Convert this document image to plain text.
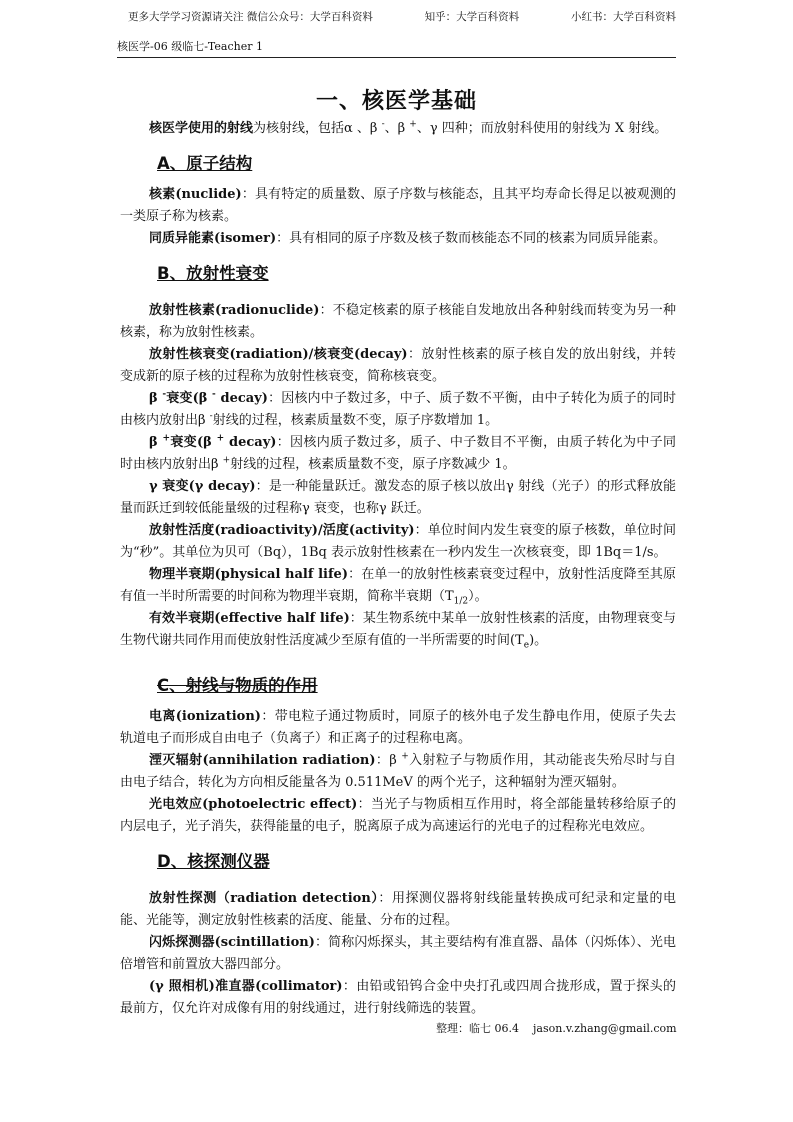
更多大学学习资源请关注 微信公众号：大学百科资料	知乎：大学百科资料	小红书：大学百科资料
核医学-06 级临七-Teacher 1
一、核医学基础

核医学使用的射线为核射线，包括α 、β -、β +、γ 四种；而放射科使用的射线为 X 射线。

A、原子结构

核素(nuclide)：具有特定的质量数、原子序数与核能态，且其平均寿命长得足以被观测的一类原子称为核素。

同质异能素(isomer)：具有相同的原子序数及核子数而核能态不同的核素为同质异能素。

B、放射性衰变

放射性核素(radionuclide)：不稳定核素的原子核能自发地放出各种射线而转变为另一种核素，称为放射性核素。

放射性核衰变(radiation)/核衰变(decay)：放射性核素的原子核自发的放出射线，并转变成新的原子核的过程称为放射性核衰变，简称核衰变。

β -衰变(β - decay)：因核内中子数过多，中子、质子数不平衡，由中子转化为质子的同时由核内放射出β -射线的过程，核素质量数不变，原子序数增加 1。

β +衰变(β + decay)：因核内质子数过多，质子、中子数目不平衡，由质子转化为中子同时由核内放射出β +射线的过程，核素质量数不变，原子序数减少 1。

γ 衰变(γ decay)：是一种能量跃迁。激发态的原子核以放出γ 射线（光子）的形式释放能量而跃迁到较低能量级的过程称γ 衰变，也称γ 跃迁。

放射性活度(radioactivity)/活度(activity)：单位时间内发生衰变的原子核数，单位时间为“秒”。其单位为贝可（Bq），1Bq 表示放射性核素在一秒内发生一次核衰变，即 1Bq＝1/s。

物理半衰期(physical half life)：在单一的放射性核素衰变过程中，放射性活度降至其原有值一半时所需要的时间称为物理半衰期，简称半衰期$(T_{1/2})$。

有效半衰期(effective half life)：某生物系统中某单一放射性核素的活度，由物理衰变与生物代谢共同作用而使放射性活度减少至原有值的一半所需要的时间$(T_e)$。

C、射线与物质的作用

电离(ionization)：带电粒子通过物质时，同原子的核外电子发生静电作用，使原子失去轨道电子而形成自由电子（负离子）和正离子的过程称电离。

湮灭辐射(annihilation radiation)：β +入射粒子与物质作用，其动能丧失殆尽时与自由电子结合，转化为方向相反能量各为 0.511MeV 的两个光子，这种辐射为湮灭辐射。

光电效应(photoelectric effect)：当光子与物质相互作用时，将全部能量转移给原子的内层电子，光子消失，获得能量的电子，脱离原子成为高速运行的光电子的过程称光电效应。

D、核探测仪器

放射性探测（radiation detection）：用探测仪器将射线能量转换成可纪录和定量的电能、光能等，测定放射性核素的活度、能量、分布的过程。

闪烁探测器(scintillation)：简称闪烁探头，其主要结构有准直器、晶体（闪烁体）、光电倍增管和前置放大器四部分。

(γ 照相机)准直器(collimator)：由铅或铅钨合金中央打孔或四周合拢形成，置于探头的最前方，仅允许对成像有用的射线通过，进行射线筛选的装置。

整理：临七 06.4 jason.v.zhang@gmail.com
